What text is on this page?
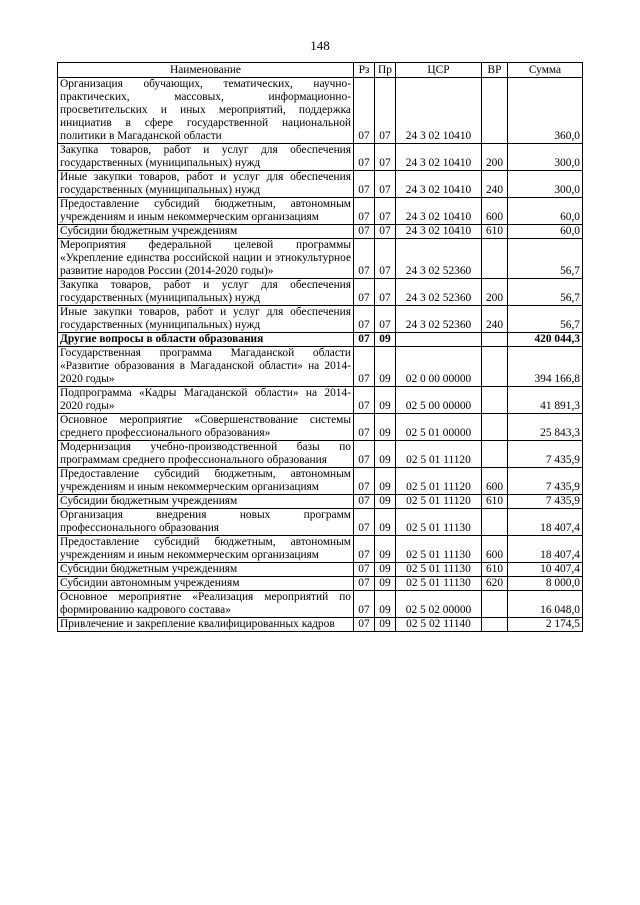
148
Наименование	Рз	Пр	ЦСР	ВР	Сумма
Организация обучающих, тематических, научно-практических, массовых, информационно-просветительских и иных мероприятий, поддержка инициатив в сфере государственной национальной политики в Магаданской области	07	07	24 3 02 10410		360,0
Закупка товаров, работ и услуг для обеспечения государственных (муниципальных) нужд	07	07	24 3 02 10410	200	300,0
Иные закупки товаров, работ и услуг для обеспечения государственных (муниципальных) нужд	07	07	24 3 02 10410	240	300,0
Предоставление субсидий бюджетным, автономным учреждениям и иным некоммерческим организациям	07	07	24 3 02 10410	600	60,0
Субсидии бюджетным учреждениям	07	07	24 3 02 10410	610	60,0
Мероприятия федеральной целевой программы «Укрепление единства российской нации и этнокультурное развитие народов России (2014-2020 годы)»	07	07	24 3 02 52360		56,7
Закупка товаров, работ и услуг для обеспечения государственных (муниципальных) нужд	07	07	24 3 02 52360	200	56,7
Иные закупки товаров, работ и услуг для обеспечения государственных (муниципальных) нужд	07	07	24 3 02 52360	240	56,7
Другие вопросы в области образования	07	09			420 044,3
Государственная программа Магаданской области «Развитие образования в Магаданской области» на 2014-2020 годы»	07	09	02 0 00 00000		394 166,8
Подпрограмма «Кадры Магаданской области» на 2014-2020 годы»	07	09	02 5 00 00000		41 891,3
Основное мероприятие «Совершенствование системы среднего профессионального образования»	07	09	02 5 01 00000		25 843,3
Модернизация учебно-производственной базы по программам среднего профессионального образования	07	09	02 5 01 11120		7 435,9
Предоставление субсидий бюджетным, автономным учреждениям и иным некоммерческим организациям	07	09	02 5 01 11120	600	7 435,9
Субсидии бюджетным учреждениям	07	09	02 5 01 11120	610	7 435,9
Организация внедрения новых программ профессионального образования	07	09	02 5 01 11130		18 407,4
Предоставление субсидий бюджетным, автономным учреждениям и иным некоммерческим организациям	07	09	02 5 01 11130	600	18 407,4
Субсидии бюджетным учреждениям	07	09	02 5 01 11130	610	10 407,4
Субсидии автономным учреждениям	07	09	02 5 01 11130	620	8 000,0
Основное мероприятие «Реализация мероприятий по формированию кадрового состава»	07	09	02 5 02 00000		16 048,0
Привлечение и закрепление квалифицированных кадров	07	09	02 5 02 11140		2 174,5
